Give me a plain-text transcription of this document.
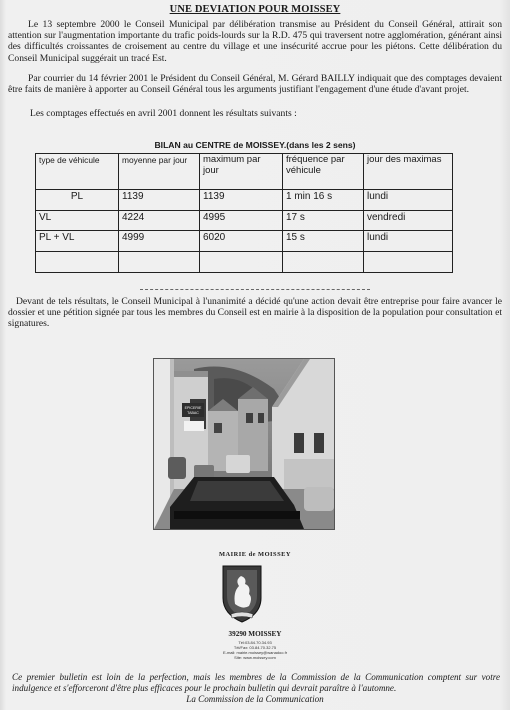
UNE DEVIATION POUR MOISSEY
Le 13 septembre 2000 le Conseil Municipal par délibération transmise au Président du Conseil Général, attirait son attention sur l'augmentation importante du trafic poids-lourds sur la R.D. 475 qui traversent notre agglomération, générant ainsi des difficultés croissantes de croisement au centre du village et une insécurité accrue pour les piétons. Cette délibération du Conseil Municipal suggérait un tracé Est.
Par courrier du 14 février 2001 le Président du Conseil Général, M. Gérard BAILLY indiquait que des comptages devaient être faits de manière à apporter au Conseil Général tous les arguments justifiant l'engagement d'une étude d'avant projet.
Les comptages effectués en avril 2001 donnent les résultats suivants :
BILAN au CENTRE de MOISSEY.(dans les 2 sens)
type de véhicule	moyenne par jour	maximum par jour	fréquence par véhicule	jour des maximas
PL	1139	1139	1 min 16 s	lundi
VL	4224	4995	17 s	vendredi
PL + VL	4999	6020	15 s	lundi

Devant de tels résultats, le Conseil Municipal à l'unanimité a décidé qu'une action devait être entreprise pour faire avancer le dossier et une pétition signée par tous les membres du Conseil est en mairie à la disposition de la population pour consultation et signatures.
EPICERIE
TABAC
MAIRIE de MOISSEY
39290 MOISSEY
Tél:03.84.70.34.93
Tél/Fax: 03.84.70.32.75
E-mail: mairie.moissey@wanadoo.fr
Site: www.moissey.com
Ce premier bulletin est loin de la perfection, mais les membres de la Commission de la Communication comptent sur votre indulgence et s'efforceront d'être plus efficaces pour le prochain bulletin qui devrait paraître à l'automne.
La Commission de la Communication
